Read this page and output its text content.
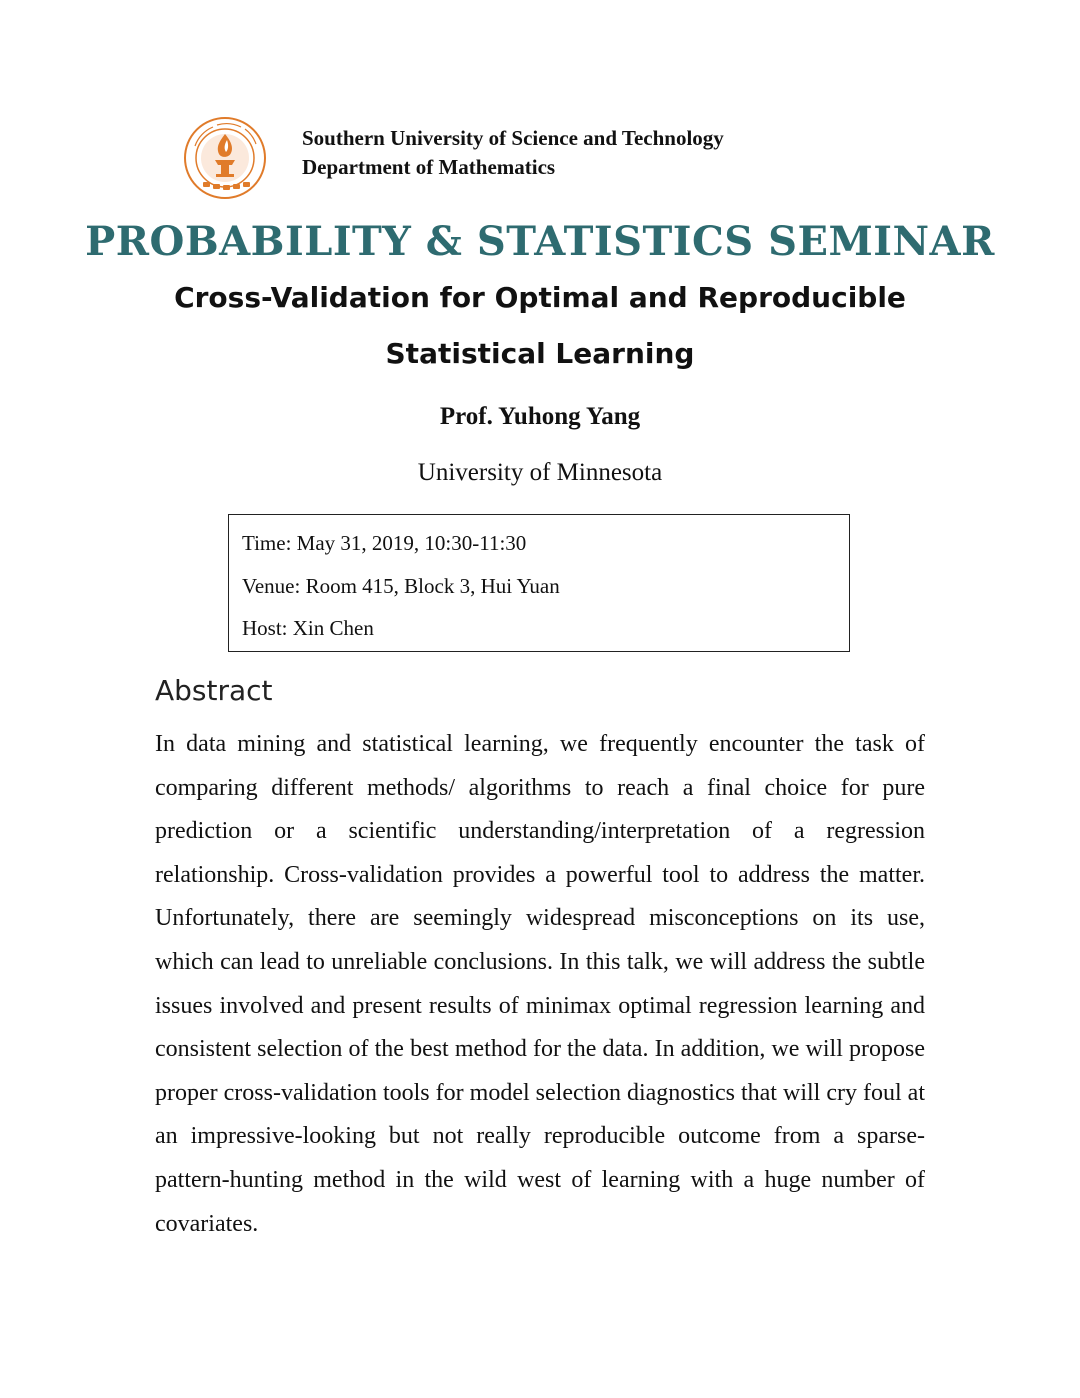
Southern University of Science and Technology
Department of Mathematics
PROBABILITY & STATISTICS SEMINAR
Cross-Validation for Optimal and Reproducible Statistical Learning
Prof. Yuhong Yang
University of Minnesota
Time: May 31, 2019, 10:30-11:30
Venue: Room 415, Block 3, Hui Yuan
Host: Xin Chen
Abstract
In data mining and statistical learning, we frequently encounter the task of comparing different methods/ algorithms to reach a final choice for pure prediction or a scientific understanding/interpretation of a regression relationship. Cross-validation provides a powerful tool to address the matter. Unfortunately, there are seemingly widespread misconceptions on its use, which can lead to unreliable conclusions. In this talk, we will address the subtle issues involved and present results of minimax optimal regression learning and consistent selection of the best method for the data. In addition, we will propose proper cross-validation tools for model selection diagnostics that will cry foul at an impressive-looking but not really reproducible outcome from a sparse-pattern-hunting method in the wild west of learning with a huge number of covariates.
